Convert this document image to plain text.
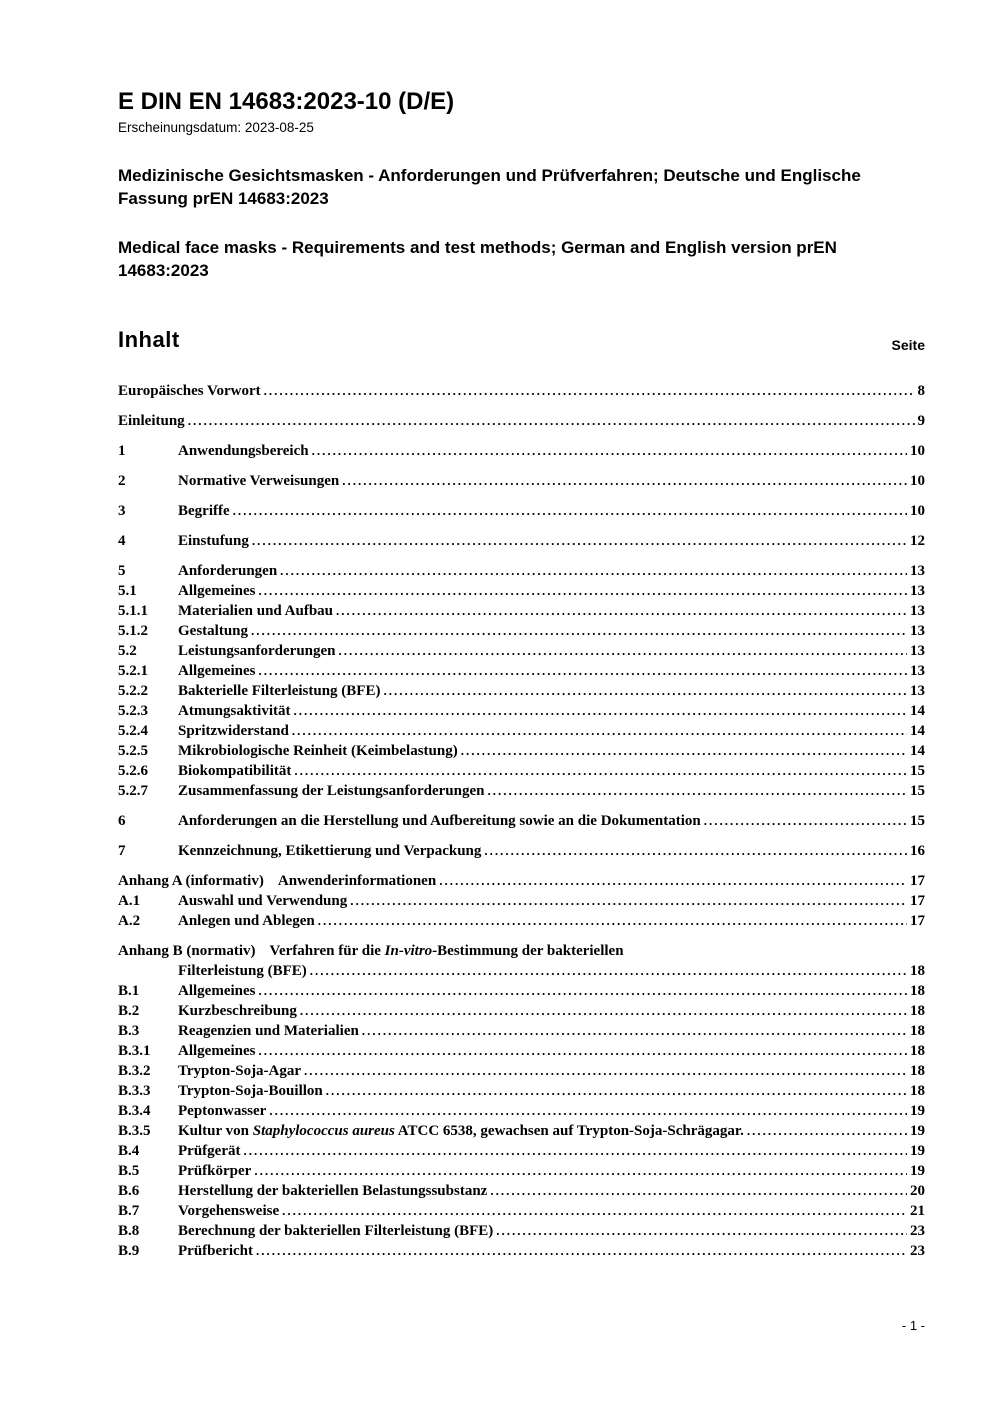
E DIN EN 14683:2023-10 (D/E)
Erscheinungsdatum: 2023-08-25
Medizinische Gesichtsmasken - Anforderungen und Prüfverfahren; Deutsche und Englische Fassung prEN 14683:2023
Medical face masks - Requirements and test methods; German and English version prEN 14683:2023
Inhalt	Seite
Europäisches Vorwort .....	8
Einleitung .....	9
1	Anwendungsbereich .....	10
2	Normative Verweisungen .....	10
3	Begriffe .....	10
4	Einstufung .....	12
5	Anforderungen .....	13
5.1	Allgemeines .....	13
5.1.1	Materialien und Aufbau .....	13
5.1.2	Gestaltung .....	13
5.2	Leistungsanforderungen .....	13
5.2.1	Allgemeines .....	13
5.2.2	Bakterielle Filterleistung (BFE) .....	13
5.2.3	Atmungsaktivität .....	14
5.2.4	Spritzwiderstand .....	14
5.2.5	Mikrobiologische Reinheit (Keimbelastung) .....	14
5.2.6	Biokompatibilität .....	15
5.2.7	Zusammenfassung der Leistungsanforderungen .....	15
6	Anforderungen an die Herstellung und Aufbereitung sowie an die Dokumentation .....	15
7	Kennzeichnung, Etikettierung und Verpackung .....	16
Anhang A (informativ) Anwenderinformationen .....	17
A.1	Auswahl und Verwendung .....	17
A.2	Anlegen und Ablegen .....	17
Anhang B (normativ) Verfahren für die In-vitro-Bestimmung der bakteriellen
Filterleistung (BFE) .....	18
B.1	Allgemeines .....	18
B.2	Kurzbeschreibung .....	18
B.3	Reagenzien und Materialien .....	18
B.3.1	Allgemeines .....	18
B.3.2	Trypton-Soja-Agar .....	18
B.3.3	Trypton-Soja-Bouillon .....	18
B.3.4	Peptonwasser .....	19
B.3.5	Kultur von Staphylococcus aureus ATCC 6538, gewachsen auf Trypton-Soja-Schrägagar. .....	19
B.4	Prüfgerät .....	19
B.5	Prüfkörper .....	19
B.6	Herstellung der bakteriellen Belastungssubstanz .....	20
B.7	Vorgehensweise .....	21
B.8	Berechnung der bakteriellen Filterleistung (BFE) .....	23
B.9	Prüfbericht .....	23
- 1 -
